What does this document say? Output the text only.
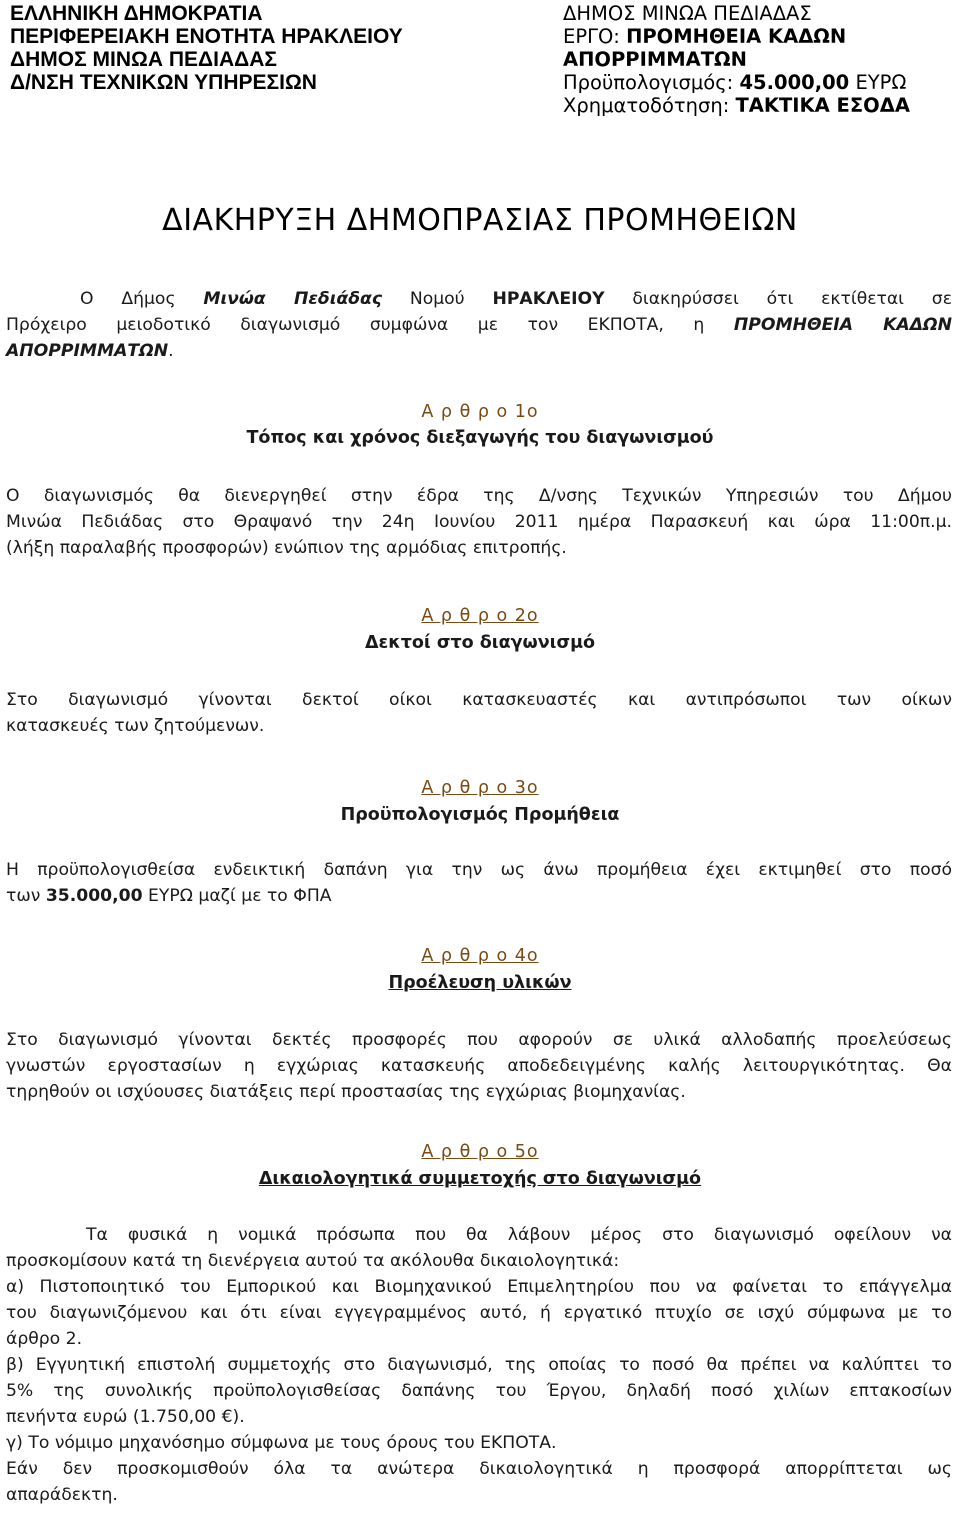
ΕΛΛΗΝΙΚΗ ΔΗΜΟΚΡΑΤΙΑ
ΠΕΡΙΦΕΡΕΙΑΚΗ ΕΝΟΤΗΤΑ ΗΡΑΚΛΕΙΟΥ
ΔΗΜΟΣ ΜΙΝΩΑ ΠΕΔΙΑΔΑΣ
Δ/ΝΣΗ ΤΕΧΝΙΚΩΝ ΥΠΗΡΕΣΙΩΝ
ΔΗΜΟΣ ΜΙΝΩΑ ΠΕΔΙΑΔΑΣ
ΕΡΓΟ: ΠΡΟΜΗΘΕΙΑ ΚΑΔΩΝ
ΑΠΟΡΡΙΜΜΑΤΩΝ
Προϋπολογισμός: 45.000,00 ΕΥΡΩ
Χρηματοδότηση: ΤΑΚΤΙΚΑ ΕΣΟΔΑ
ΔΙΑΚΗΡΥΞΗ ΔΗΜΟΠΡΑΣΙΑΣ ΠΡΟΜΗΘΕΙΩΝ
Ο Δήμος Μινώα Πεδιάδας Νομού ΗΡΑΚΛΕΙΟΥ διακηρύσσει ότι εκτίθεται σε
Πρόχειρο μειοδοτικό διαγωνισμό συμφώνα με τον ΕΚΠΟΤΑ, η ΠΡΟΜΗΘΕΙΑ ΚΑΔΩΝ
ΑΠΟΡΡΙΜΜΑΤΩΝ.
Α ρ θ ρ ο 1ο
Τόπος και χρόνος διεξαγωγής του διαγωνισμού
Ο διαγωνισμός θα διενεργηθεί στην έδρα της Δ/νσης Τεχνικών Υπηρεσιών του Δήμου
Μινώα Πεδιάδας στο Θραψανό την 24η Ιουνίου 2011 ημέρα Παρασκευή και ώρα 11:00π.μ.
(λήξη παραλαβής προσφορών) ενώπιον της αρμόδιας επιτροπής.
Α ρ θ ρ ο 2ο
Δεκτοί στο διαγωνισμό
Στο διαγωνισμό γίνονται δεκτοί οίκοι κατασκευαστές και αντιπρόσωποι των οίκων
κατασκευές των ζητούμενων.
Α ρ θ ρ ο 3ο
Προϋπολογισμός Προμήθεια
Η προϋπολογισθείσα ενδεικτική δαπάνη για την ως άνω προμήθεια έχει εκτιμηθεί στο ποσό
των 35.000,00 ΕΥΡΩ μαζί με το ΦΠΑ
Α ρ θ ρ ο 4ο
Προέλευση υλικών
Στο διαγωνισμό γίνονται δεκτές προσφορές που αφορούν σε υλικά αλλοδαπής προελεύσεως
γνωστών εργοστασίων η εγχώριας κατασκευής αποδεδειγμένης καλής λειτουργικότητας. Θα
τηρηθούν οι ισχύουσες διατάξεις περί προστασίας της εγχώριας βιομηχανίας.
Α ρ θ ρ ο 5ο
Δικαιολογητικά συμμετοχής στο διαγωνισμό
Τα φυσικά η νομικά πρόσωπα που θα λάβουν μέρος στο διαγωνισμό οφείλουν να
προσκομίσουν κατά τη διενέργεια αυτού τα ακόλουθα δικαιολογητικά:
α) Πιστοποιητικό του Εμπορικού και Βιομηχανικού Επιμελητηρίου που να φαίνεται το επάγγελμα
του διαγωνιζόμενου και ότι είναι εγγεγραμμένος αυτό, ή εργατικό πτυχίο σε ισχύ σύμφωνα με το
άρθρο 2.
β) Εγγυητική επιστολή συμμετοχής στο διαγωνισμό, της οποίας το ποσό θα πρέπει να καλύπτει το
5% της συνολικής προϋπολογισθείσας δαπάνης του Έργου, δηλαδή ποσό χιλίων επτακοσίων
πενήντα ευρώ (1.750,00 €).
γ) Το νόμιμο μηχανόσημο σύμφωνα με τους όρους του ΕΚΠΟΤΑ.
Εάν δεν προσκομισθούν όλα τα ανώτερα δικαιολογητικά η προσφορά απορρίπτεται ως
απαράδεκτη.
